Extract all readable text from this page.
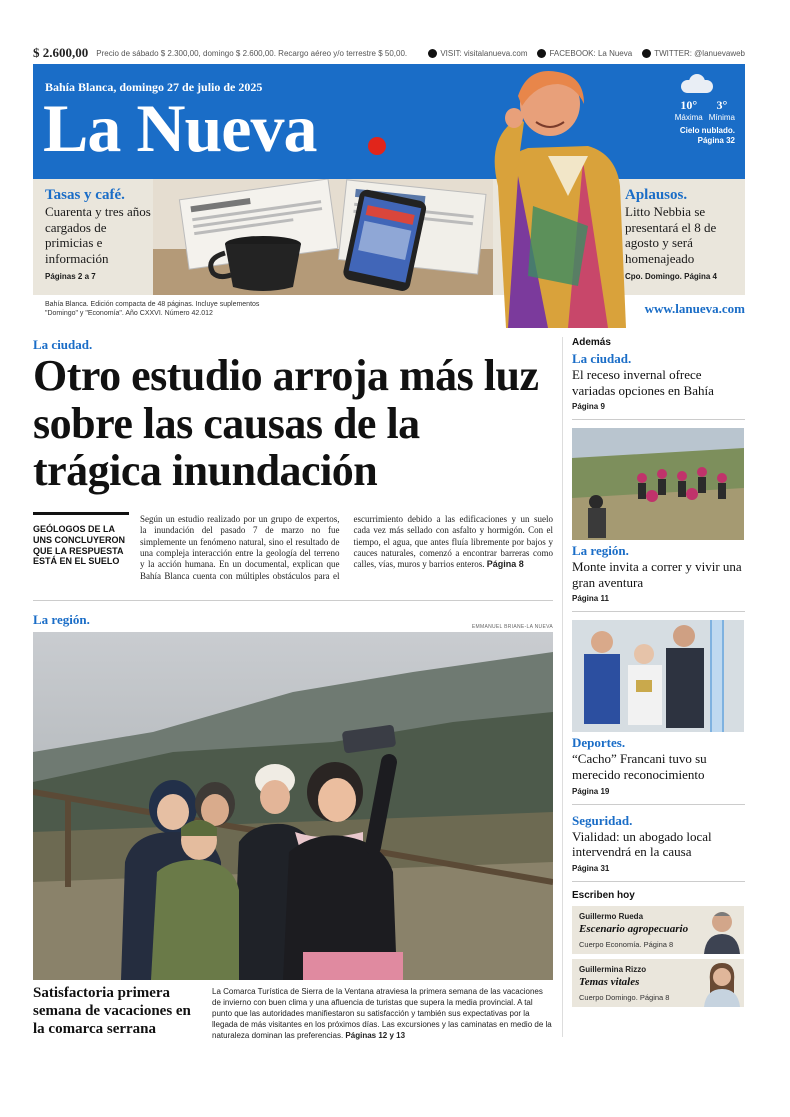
$ 2.600,00 Precio de sábado $ 2.300,00, domingo $ 2.600,00. Recargo aéreo y/o terrestre $ 50,00.	VISIT: visitalanueva.com	FACEBOOK: La Nueva	TWITTER: @lanuevaweb
Bahía Blanca, domingo 27 de julio de 2025
La Nueva	10°
Máxima
3°
Mínima
Cielo nublado.
Página 32
Tasas y café.
Cuarenta y tres años cargados de primicias e información
Páginas 2 a 7
Aplausos.
Litto Nebbia se presentará el 8 de agosto y será homenajeado
Cpo. Domingo. Página 4
Bahía Blanca. Edición compacta de 48 páginas. Incluye suplementos
"Domingo" y "Economía". Año CXXVI. Número 42.012	www.lanueva.com
La ciudad.
Otro estudio arroja más luz sobre las causas de la trágica inundación
GEÓLOGOS DE LA UNS CONCLUYERON QUE LA RESPUESTA ESTÁ EN EL SUELO
Según un estudio realizado por un grupo de expertos, la inundación del pasado 7 de marzo no fue simplemente un fenómeno natural, sino el resultado de una compleja interacción entre la geología del terreno y la acción humana. En un documental, explican que Bahía Blanca cuenta con múltiples obstáculos para el escurrimiento debido a las edificaciones y un suelo cada vez más sellado con asfalto y hormigón. Con el tiempo, el agua, que antes fluía libremente por bajos y cauces naturales, comenzó a encontrar barreras como calles, vías, muros y barrios enteros. Página 8
La región.	EMMANUEL BRIANE-LA NUEVA
Satisfactoria primera semana de vacaciones en la comarca serrana
La Comarca Turística de Sierra de la Ventana atraviesa la primera semana de las vacaciones de invierno con buen clima y una afluencia de turistas que supera la media provincial. A tal punto que las autoridades manifiestaron su satisfacción y también sus expectativas por la llegada de más visitantes en los próximos días. Las excursiones y las caminatas en medio de la naturaleza dominan las preferencias. Páginas 12 y 13
Además
La ciudad.
El receso invernal ofrece variadas opciones en Bahía
Página 9
La región.
Monte invita a correr y vivir una gran aventura
Página 11
Deportes.
“Cacho” Francani tuvo su merecido reconocimiento
Página 19
Seguridad.
Vialidad: un abogado local intervendrá en la causa
Página 31
Escriben hoy
Guillermo Rueda
Escenario agropecuario
Cuerpo Economía. Página 8
Guillermina Rizzo
Temas vitales
Cuerpo Domingo. Página 8
